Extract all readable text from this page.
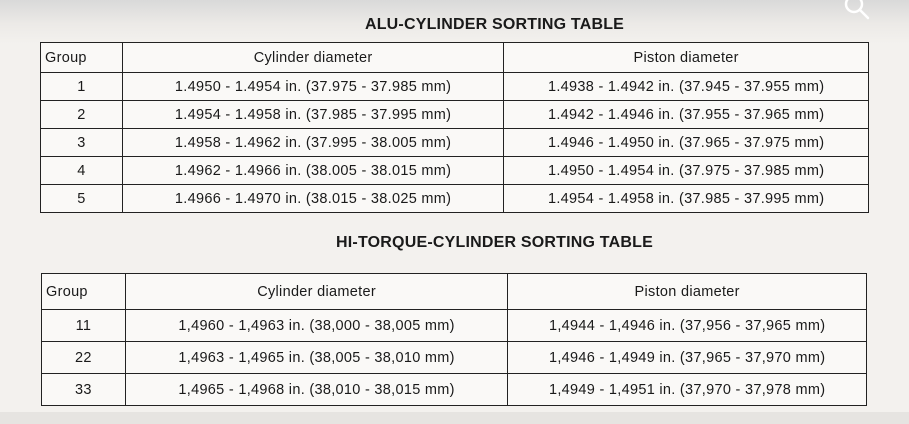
ALU-CYLINDER SORTING TABLE
Group	Cylinder diameter	Piston diameter
1	1.4950 - 1.4954 in. (37.975 - 37.985 mm)	1.4938 - 1.4942 in. (37.945 - 37.955 mm)
2	1.4954 - 1.4958 in. (37.985 - 37.995 mm)	1.4942 - 1.4946 in. (37.955 - 37.965 mm)
3	1.4958 - 1.4962 in. (37.995 - 38.005 mm)	1.4946 - 1.4950 in. (37.965 - 37.975 mm)
4	1.4962 - 1.4966 in. (38.005 - 38.015 mm)	1.4950 - 1.4954 in. (37.975 - 37.985 mm)
5	1.4966 - 1.4970 in. (38.015 - 38.025 mm)	1.4954 - 1.4958 in. (37.985 - 37.995 mm)
HI-TORQUE-CYLINDER SORTING TABLE
Group	Cylinder diameter	Piston diameter
11	1,4960 - 1,4963 in. (38,000 - 38,005 mm)	1,4944 - 1,4946 in. (37,956 - 37,965 mm)
22	1,4963 - 1,4965 in. (38,005 - 38,010 mm)	1,4946 - 1,4949 in. (37,965 - 37,970 mm)
33	1,4965 - 1,4968 in. (38,010 - 38,015 mm)	1,4949 - 1,4951 in. (37,970 - 37,978 mm)
